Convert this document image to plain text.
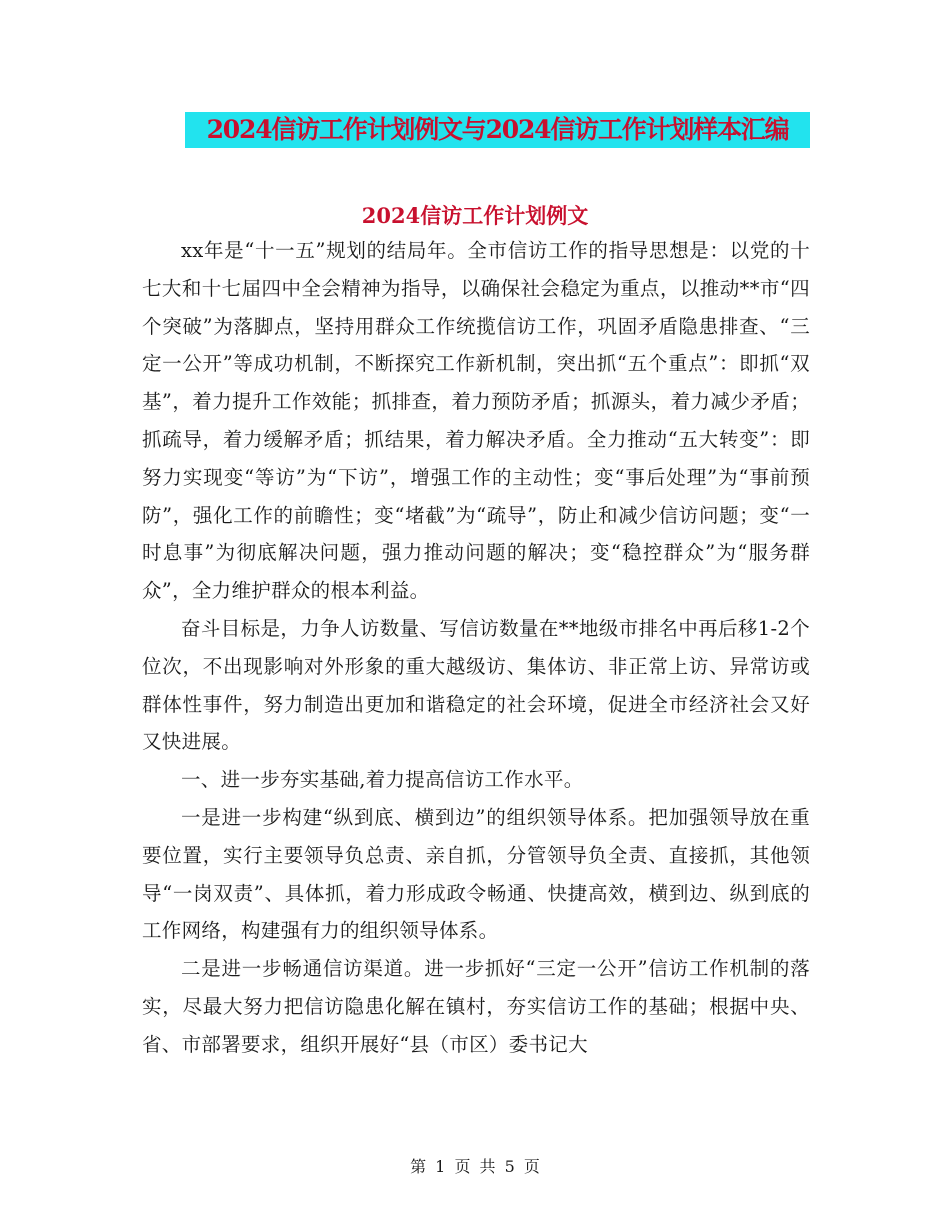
2024信访工作计划例文与2024信访工作计划样本汇编
2024信访工作计划例文

xx年是“十一五”规划的结局年。全市信访工作的指导思想是：以党的十七大和十七届四中全会精神为指导，以确保社会稳定为重点，以推动**市“四个突破”为落脚点，坚持用群众工作统揽信访工作，巩固矛盾隐患排查、“三定一公开”等成功机制，不断探究工作新机制，突出抓“五个重点”：即抓“双基”，着力提升工作效能；抓排查，着力预防矛盾；抓源头，着力减少矛盾；抓疏导，着力缓解矛盾；抓结果，着力解决矛盾。全力推动“五大转变”：即努力实现变“等访”为“下访”，增强工作的主动性；变“事后处理”为“事前预防”，强化工作的前瞻性；变“堵截”为“疏导”，防止和减少信访问题；变“一时息事”为彻底解决问题，强力推动问题的解决；变“稳控群众”为“服务群众”，全力维护群众的根本利益。

奋斗目标是，力争人访数量、写信访数量在**地级市排名中再后移1-2个位次，不出现影响对外形象的重大越级访、集体访、非正常上访、异常访或群体性事件，努力制造出更加和谐稳定的社会环境，促进全市经济社会又好又快进展。

一、进一步夯实基础,着力提高信访工作水平。

一是进一步构建“纵到底、横到边”的组织领导体系。把加强领导放在重要位置，实行主要领导负总责、亲自抓，分管领导负全责、直接抓，其他领导“一岗双责”、具体抓，着力形成政令畅通、快捷高效，横到边、纵到底的工作网络，构建强有力的组织领导体系。

二是进一步畅通信访渠道。进一步抓好“三定一公开”信访工作机制的落实，尽最大努力把信访隐患化解在镇村，夯实信访工作的基础；根据中央、省、市部署要求，组织开展好“县（市区）委书记大

第 1 页 共 5 页
